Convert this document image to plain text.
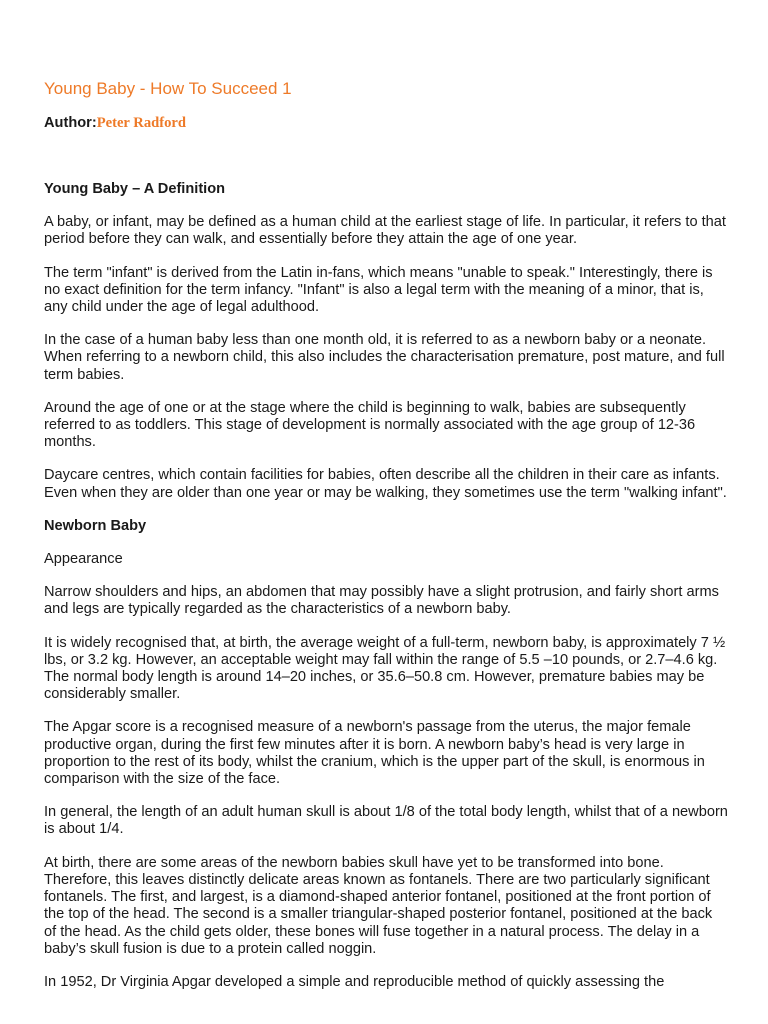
Young Baby - How To Succeed 1
Author:Peter Radford
Young Baby – A Definition
A baby, or infant, may be defined as a human child at the earliest stage of life. In particular, it refers to that period before they can walk, and essentially before they attain the age of one year.
The term "infant" is derived from the Latin in-fans, which means "unable to speak." Interestingly, there is no exact definition for the term infancy. "Infant" is also a legal term with the meaning of a minor, that is, any child under the age of legal adulthood.
In the case of a human baby less than one month old, it is referred to as a newborn baby or a neonate. When referring to a newborn child, this also includes the characterisation premature, post mature, and full term babies.
Around the age of one or at the stage where the child is beginning to walk, babies are subsequently referred to as toddlers. This stage of development is normally associated with the age group of 12-36 months.
Daycare centres, which contain facilities for babies, often describe all the children in their care as infants. Even when they are older than one year or may be walking, they sometimes use the term "walking infant".
Newborn Baby
Appearance
Narrow shoulders and hips, an abdomen that may possibly have a slight protrusion, and fairly short arms and legs are typically regarded as the characteristics of a newborn baby.
It is widely recognised that, at birth, the average weight of a full-term, newborn baby, is approximately 7 ½ lbs, or 3.2 kg. However, an acceptable weight may fall within the range of 5.5 –10 pounds, or 2.7–4.6 kg. The normal body length is around 14–20 inches, or 35.6–50.8 cm. However, premature babies may be considerably smaller.
The Apgar score is a recognised measure of a newborn's passage from the uterus, the major female productive organ, during the first few minutes after it is born. A newborn baby’s head is very large in proportion to the rest of its body, whilst the cranium, which is the upper part of the skull, is enormous in comparison with the size of the face.
In general, the length of an adult human skull is about 1/8 of the total body length, whilst that of a newborn is about 1/4.
At birth, there are some areas of the newborn babies skull have yet to be transformed into bone. Therefore, this leaves distinctly delicate areas known as fontanels. There are two particularly significant fontanels. The first, and largest, is a diamond-shaped anterior fontanel, positioned at the front portion of the top of the head. The second is a smaller triangular-shaped posterior fontanel, positioned at the back of the head. As the child gets older, these bones will fuse together in a natural process. The delay in a baby’s skull fusion is due to a protein called noggin.
In 1952, Dr Virginia Apgar developed a simple and reproducible method of quickly assessing the
